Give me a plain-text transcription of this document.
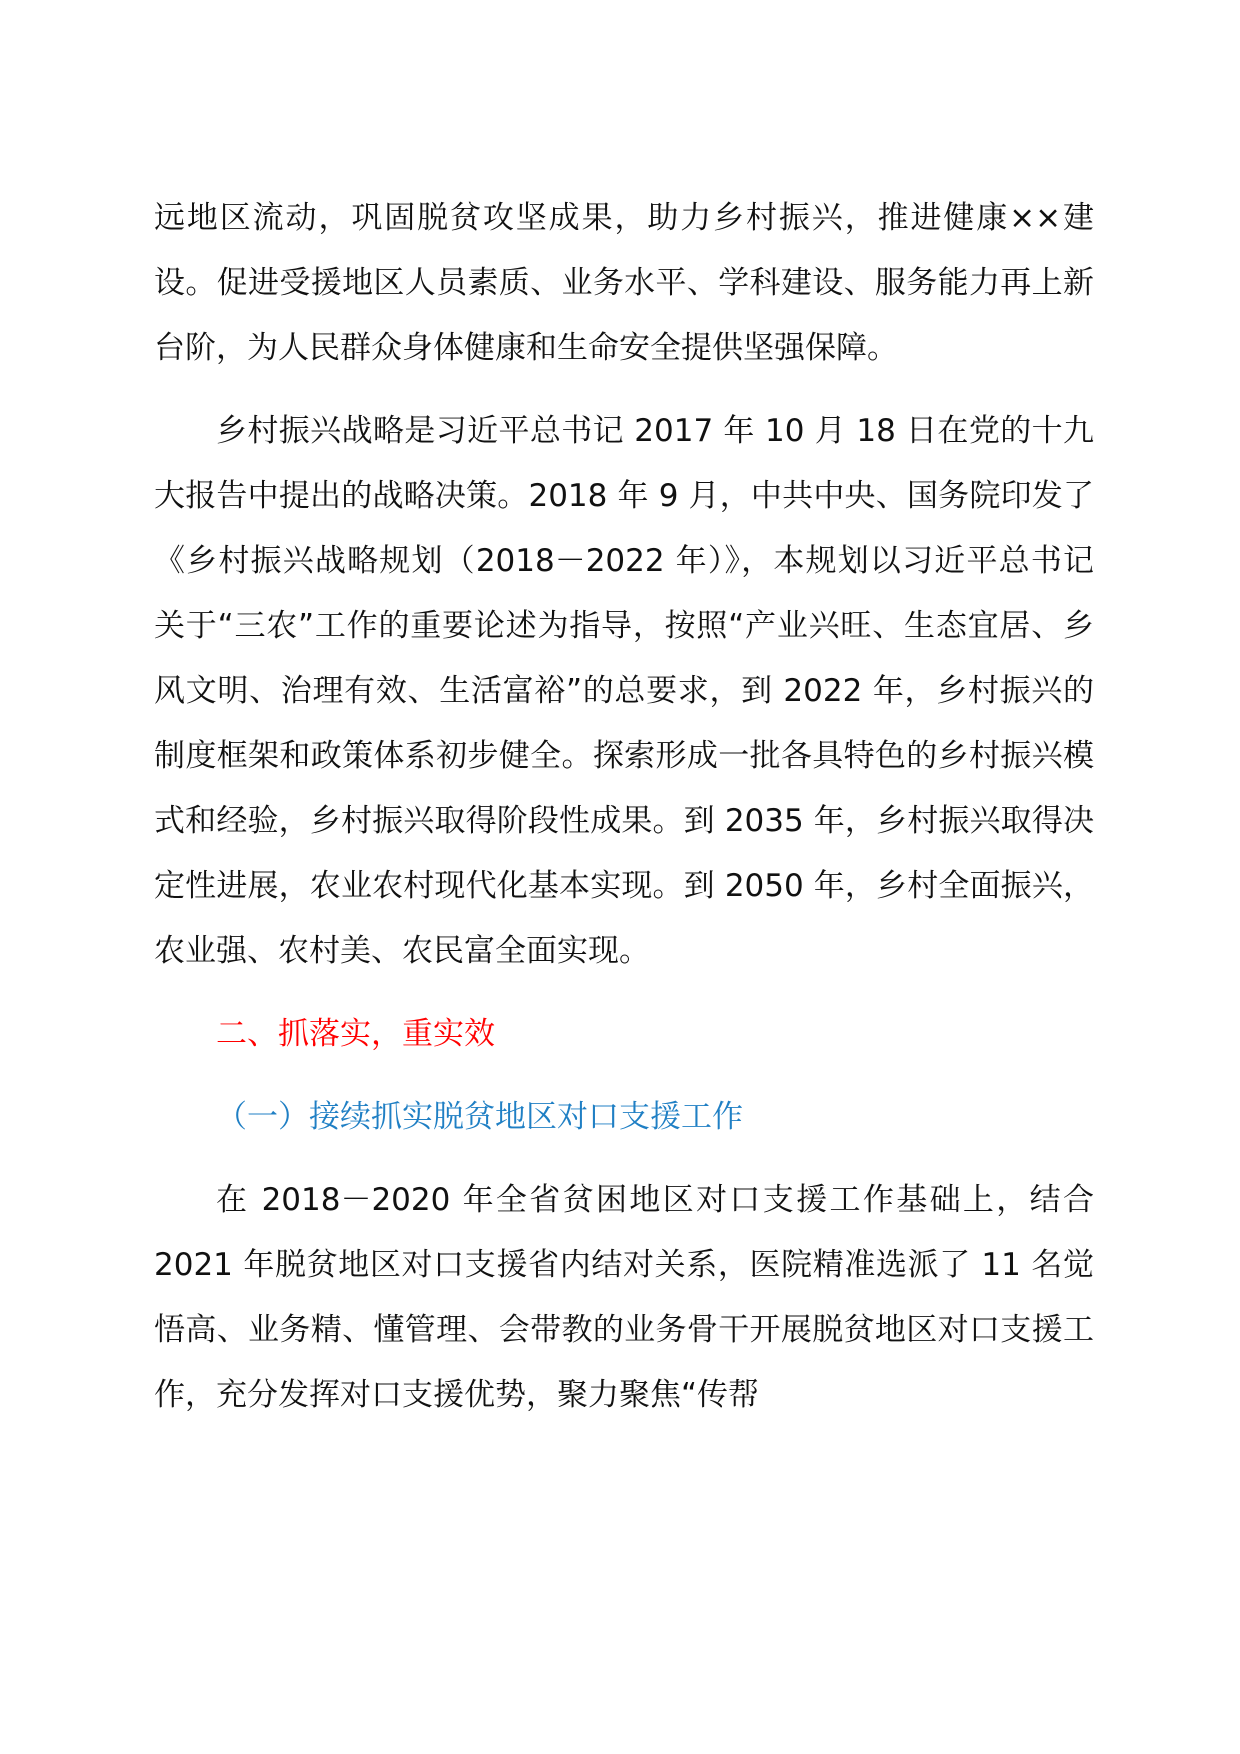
远地区流动，巩固脱贫攻坚成果，助力乡村振兴，推进健康××建设。促进受援地区人员素质、业务水平、学科建设、服务能力再上新台阶，为人民群众身体健康和生命安全提供坚强保障。

乡村振兴战略是习近平总书记 2017 年 10 月 18 日在党的十九大报告中提出的战略决策。2018 年 9 月，中共中央、国务院印发了《乡村振兴战略规划（2018－2022 年）》，本规划以习近平总书记关于“三农”工作的重要论述为指导，按照“产业兴旺、生态宜居、乡风文明、治理有效、生活富裕”的总要求，到 2022 年，乡村振兴的制度框架和政策体系初步健全。探索形成一批各具特色的乡村振兴模式和经验，乡村振兴取得阶段性成果。到 2035 年，乡村振兴取得决定性进展，农业农村现代化基本实现。到 2050 年，乡村全面振兴，农业强、农村美、农民富全面实现。

二、抓落实，重实效

（一）接续抓实脱贫地区对口支援工作

在 2018－2020 年全省贫困地区对口支援工作基础上，结合 2021 年脱贫地区对口支援省内结对关系，医院精准选派了 11 名觉悟高、业务精、懂管理、会带教的业务骨干开展脱贫地区对口支援工作，充分发挥对口支援优势，聚力聚焦“传帮
